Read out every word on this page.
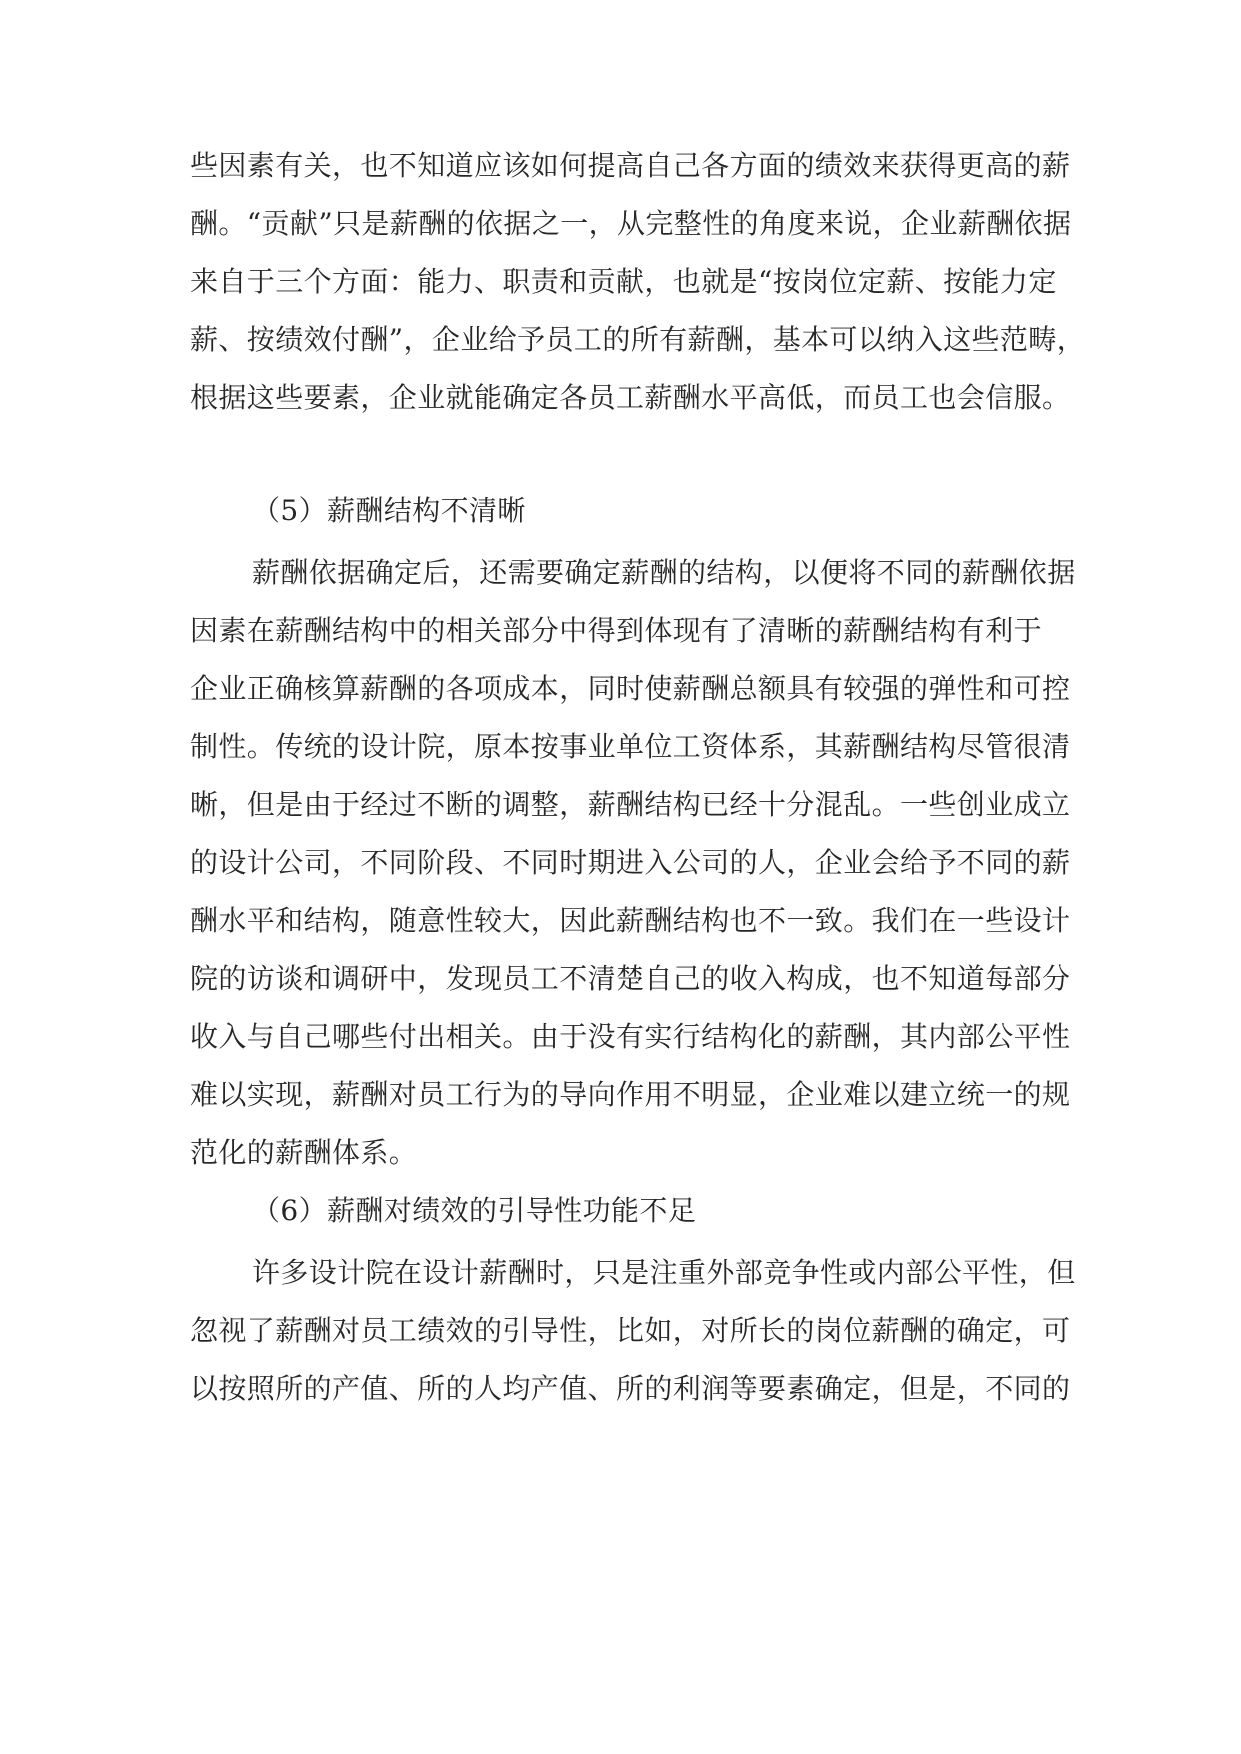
些因素有关，也不知道应该如何提高自己各方面的绩效来获得更高的薪
酬。“贡献”只是薪酬的依据之一，从完整性的角度来说，企业薪酬依据
来自于三个方面：能力、职责和贡献，也就是“按岗位定薪、按能力定
薪、按绩效付酬”，企业给予员工的所有薪酬，基本可以纳入这些范畴，
根据这些要素，企业就能确定各员工薪酬水平高低，而员工也会信服。
（5）薪酬结构不清晰
薪酬依据确定后，还需要确定薪酬的结构，以便将不同的薪酬依据
因素在薪酬结构中的相关部分中得到体现有了清晰的薪酬结构有利于
企业正确核算薪酬的各项成本，同时使薪酬总额具有较强的弹性和可控
制性。传统的设计院，原本按事业单位工资体系，其薪酬结构尽管很清
晰，但是由于经过不断的调整，薪酬结构已经十分混乱。一些创业成立
的设计公司，不同阶段、不同时期进入公司的人，企业会给予不同的薪
酬水平和结构，随意性较大，因此薪酬结构也不一致。我们在一些设计
院的访谈和调研中，发现员工不清楚自己的收入构成，也不知道每部分
收入与自己哪些付出相关。由于没有实行结构化的薪酬，其内部公平性
难以实现，薪酬对员工行为的导向作用不明显，企业难以建立统一的规
范化的薪酬体系。
（6）薪酬对绩效的引导性功能不足
许多设计院在设计薪酬时，只是注重外部竞争性或内部公平性，但
忽视了薪酬对员工绩效的引导性，比如，对所长的岗位薪酬的确定，可
以按照所的产值、所的人均产值、所的利润等要素确定，但是，不同的
